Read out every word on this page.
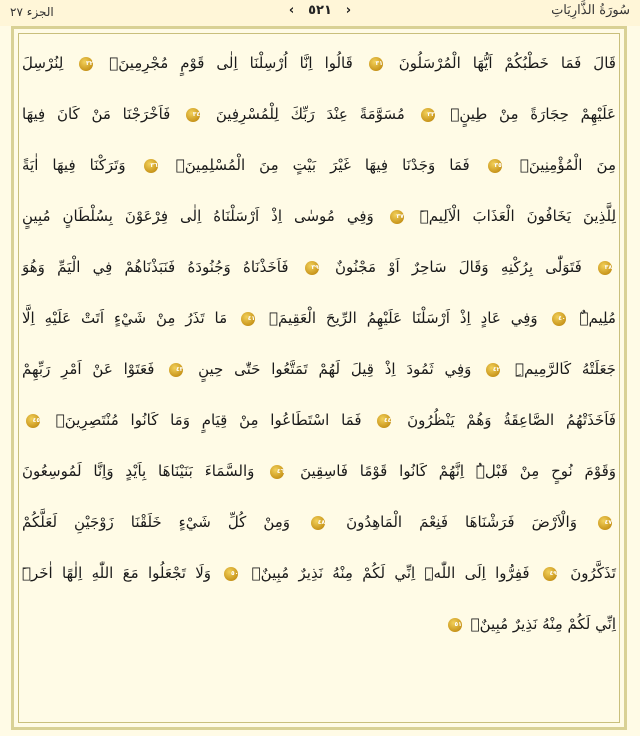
الجزء ٢٧	‹ ٥٢١ ›	سُورَةُ الذَّارِيَاتِ
قَالَ فَمَا خَطْبُكُمْ اَيُّهَا الْمُرْسَلُونَ ٣١ قَالُوا اِنَّا اُرْسِلْنَا اِلٰى قَوْمٍ مُجْرِمِينَۙ ٣٢ لِنُرْسِلَ
عَلَيْهِمْ حِجَارَةً مِنْ طِينٍۙ ٣٣ مُسَوَّمَةً عِنْدَ رَبِّكَ لِلْمُسْرِفِينَ ٣٤ فَاَخْرَجْنَا مَنْ كَانَ فِيهَا
مِنَ الْمُؤْمِنِينَۚ ٣٥ فَمَا وَجَدْنَا فِيهَا غَيْرَ بَيْتٍ مِنَ الْمُسْلِمِينَۚ ٣٦ وَتَرَكْنَا فِيهَا اٰيَةً
لِلَّذِينَ يَخَافُونَ الْعَذَابَ الْاَلِيمَۜ ٣٧ وَفِي مُوسٰى اِذْ اَرْسَلْنَاهُ اِلٰى فِرْعَوْنَ بِسُلْطَانٍ مُبِينٍ
٣٨ فَتَوَلّٰى بِرُكْنِهِ وَقَالَ سَاحِرٌ اَوْ مَجْنُونٌ ٣٩ فَاَخَذْنَاهُ وَجُنُودَهُ فَنَبَذْنَاهُمْ فِي الْيَمِّ وَهُوَ
مُلِيمٌۜ ٤٠ وَفِي عَادٍ اِذْ اَرْسَلْنَا عَلَيْهِمُ الرِّيحَ الْعَقِيمَۚ ٤١ مَا تَذَرُ مِنْ شَيْءٍ اَتَتْ عَلَيْهِ اِلَّا
جَعَلَتْهُ كَالرَّمِيمِۜ ٤٢ وَفِي ثَمُودَ اِذْ قِيلَ لَهُمْ تَمَتَّعُوا حَتّٰى حِينٍ ٤٣ فَعَتَوْا عَنْ اَمْرِ رَبِّهِمْ
فَاَخَذَتْهُمُ الصَّاعِقَةُ وَهُمْ يَنْظُرُونَ ٤٤ فَمَا اسْتَطَاعُوا مِنْ قِيَامٍ وَمَا كَانُوا مُنْتَصِرِينَۙ ٤٥
وَقَوْمَ نُوحٍ مِنْ قَبْلُۜ اِنَّهُمْ كَانُوا قَوْمًا فَاسِقِينَ ٤٦ وَالسَّمَاءَ بَنَيْنَاهَا بِاَيْدٍ وَاِنَّا لَمُوسِعُونَ
٤٧ وَالْاَرْضَ فَرَشْنَاهَا فَنِعْمَ الْمَاهِدُونَ ٤٨ وَمِنْ كُلِّ شَيْءٍ خَلَقْنَا زَوْجَيْنِ لَعَلَّكُمْ
تَذَكَّرُونَ ٤٩ فَفِرُّوا اِلَى اللّٰهِۜ اِنِّي لَكُمْ مِنْهُ نَذِيرٌ مُبِينٌۚ ٥٠ وَلَا تَجْعَلُوا مَعَ اللّٰهِ اِلٰهًا اٰخَرَۜ
اِنِّي لَكُمْ مِنْهُ نَذِيرٌ مُبِينٌۚ ٥١
